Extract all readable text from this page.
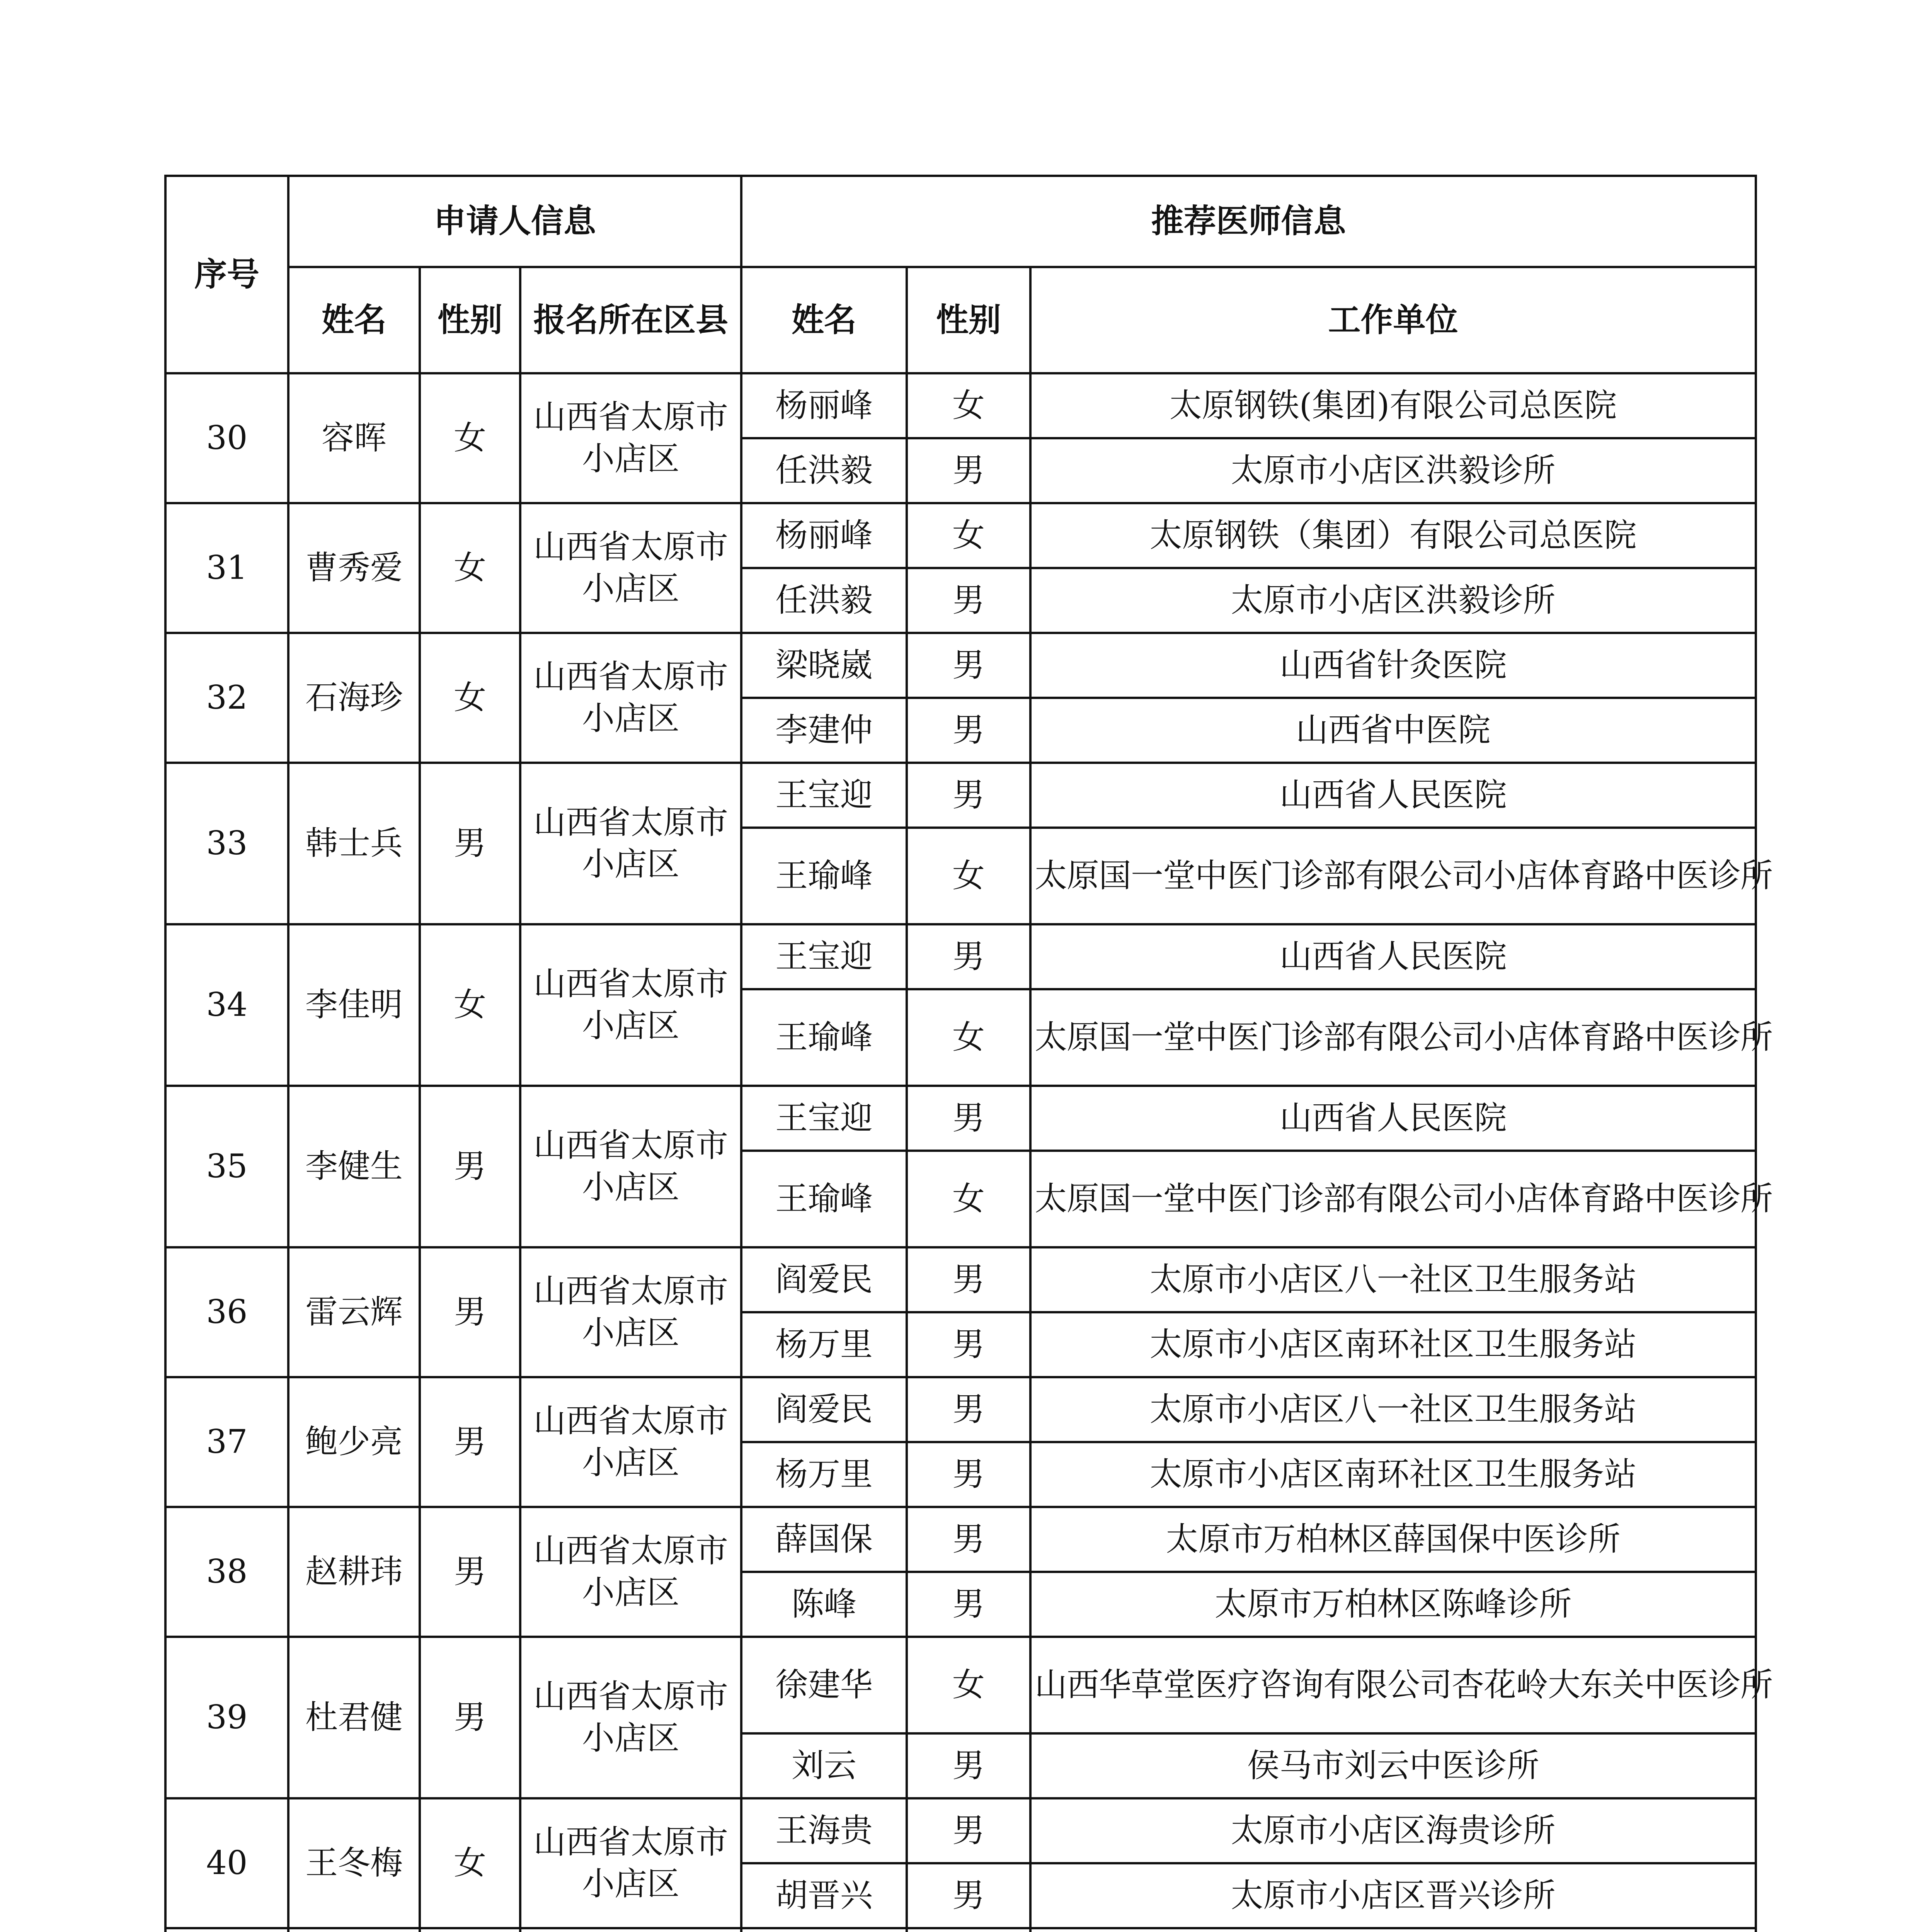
序号	申请人信息			推荐医师信息		
	姓名	性别	报名所在区县	姓名	性别	工作单位
30	容晖	女	山西省太原市小店区	杨丽峰	女	太原钢铁(集团)有限公司总医院
				任洪毅	男	太原市小店区洪毅诊所
31	曹秀爱	女	山西省太原市小店区	杨丽峰	女	太原钢铁（集团）有限公司总医院
				任洪毅	男	太原市小店区洪毅诊所
32	石海珍	女	山西省太原市小店区	梁晓崴	男	山西省针灸医院
				李建仲	男	山西省中医院
33	韩士兵	男	山西省太原市小店区	王宝迎	男	山西省人民医院
				王瑜峰	女	太原国一堂中医门诊部有限公司小店体育路中医诊所
34	李佳明	女	山西省太原市小店区	王宝迎	男	山西省人民医院
				王瑜峰	女	太原国一堂中医门诊部有限公司小店体育路中医诊所
35	李健生	男	山西省太原市小店区	王宝迎	男	山西省人民医院
				王瑜峰	女	太原国一堂中医门诊部有限公司小店体育路中医诊所
36	雷云辉	男	山西省太原市小店区	阎爱民	男	太原市小店区八一社区卫生服务站
				杨万里	男	太原市小店区南环社区卫生服务站
37	鲍少亮	男	山西省太原市小店区	阎爱民	男	太原市小店区八一社区卫生服务站
				杨万里	男	太原市小店区南环社区卫生服务站
38	赵耕玮	男	山西省太原市小店区	薛国保	男	太原市万柏林区薛国保中医诊所
				陈峰	男	太原市万柏林区陈峰诊所
39	杜君健	男	山西省太原市小店区	徐建华	女	山西华草堂医疗咨询有限公司杏花岭大东关中医诊所
				刘云	男	侯马市刘云中医诊所
40	王冬梅	女	山西省太原市小店区	王海贵	男	太原市小店区海贵诊所
				胡晋兴	男	太原市小店区晋兴诊所
